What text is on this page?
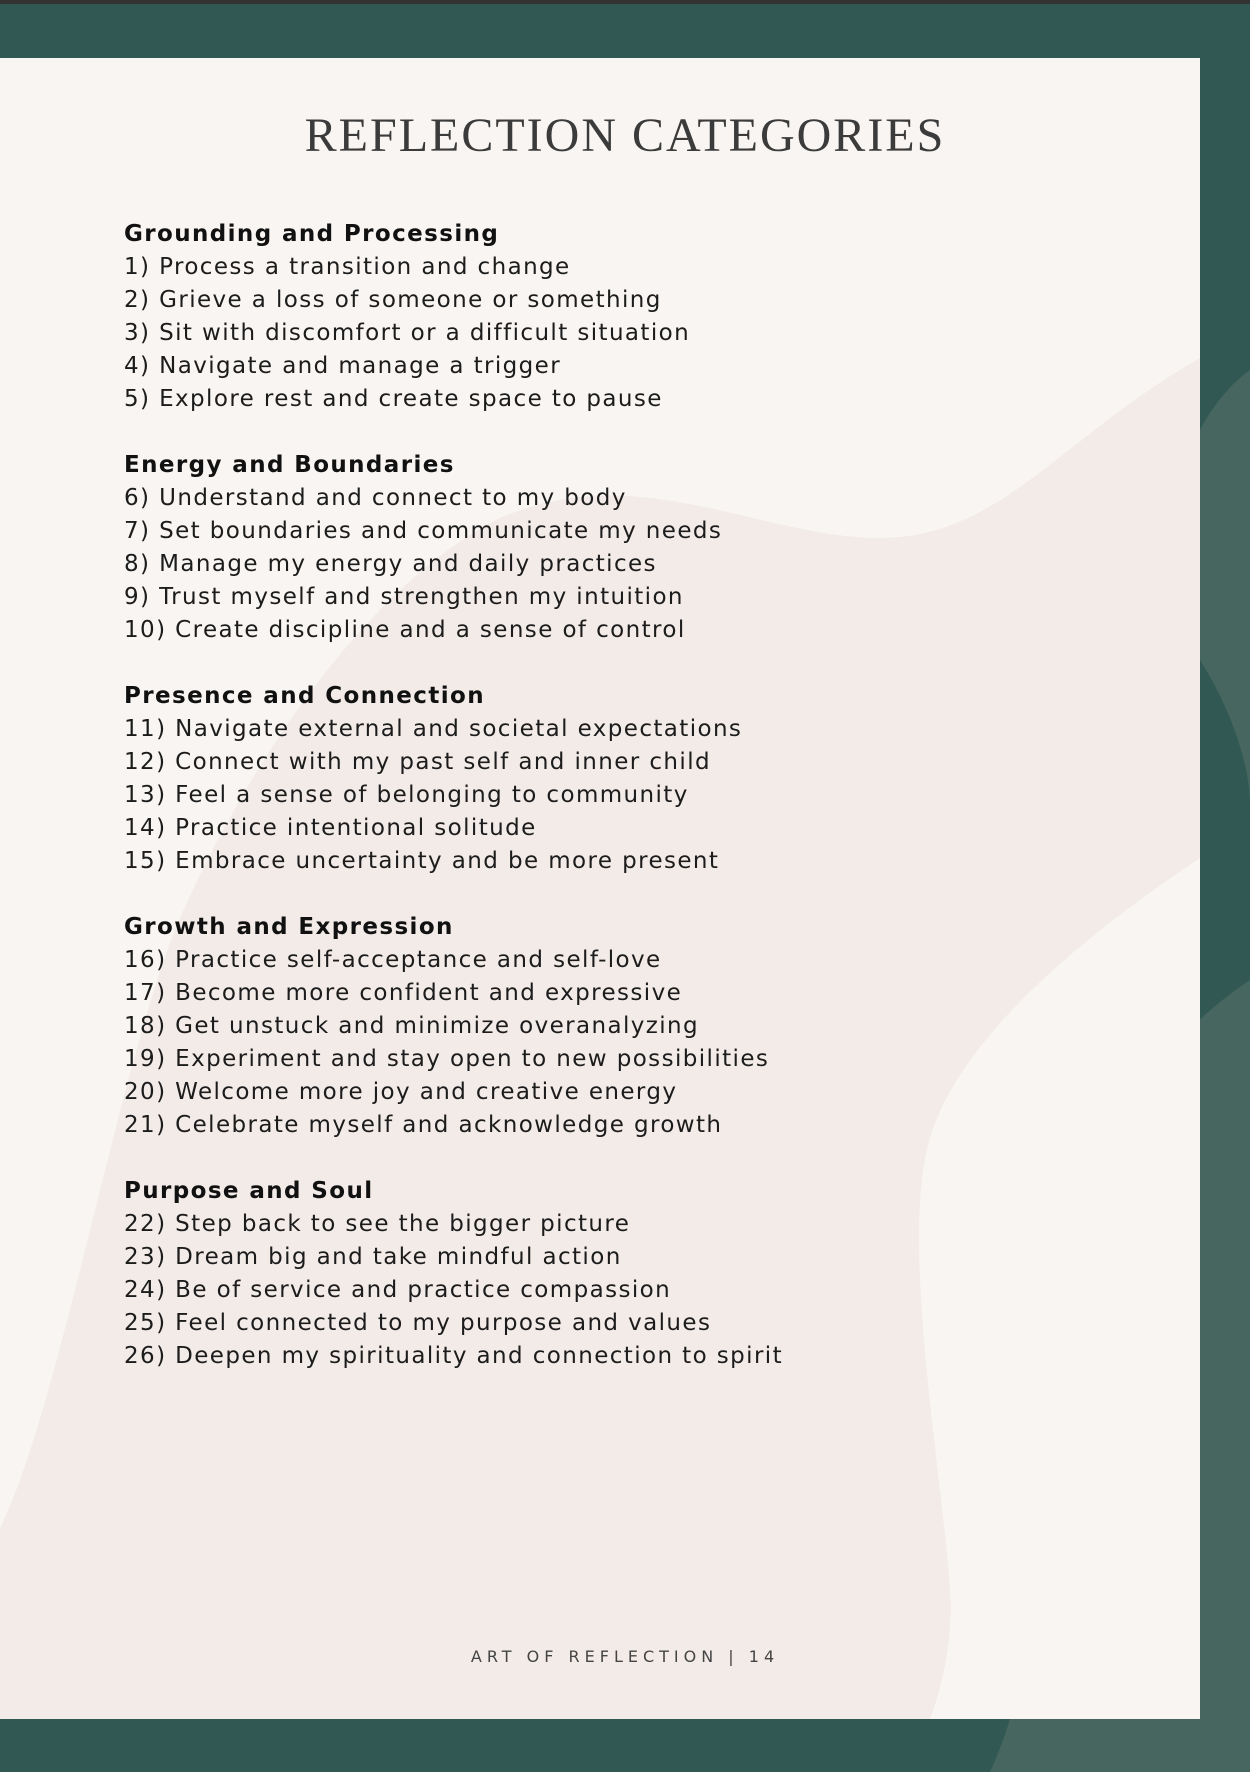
REFLECTION CATEGORIES

Grounding and Processing

1) Process a transition and change

2) Grieve a loss of someone or something

3) Sit with discomfort or a difficult situation

4) Navigate and manage a trigger

5) Explore rest and create space to pause

Energy and Boundaries

6) Understand and connect to my body

7) Set boundaries and communicate my needs

8) Manage my energy and daily practices

9) Trust myself and strengthen my intuition

10) Create discipline and a sense of control

Presence and Connection

11) Navigate external and societal expectations

12) Connect with my past self and inner child

13) Feel a sense of belonging to community

14) Practice intentional solitude

15) Embrace uncertainty and be more present

Growth and Expression

16) Practice self-acceptance and self-love

17) Become more confident and expressive

18) Get unstuck and minimize overanalyzing

19) Experiment and stay open to new possibilities

20) Welcome more joy and creative energy

21) Celebrate myself and acknowledge growth

Purpose and Soul

22) Step back to see the bigger picture

23) Dream big and take mindful action

24) Be of service and practice compassion

25) Feel connected to my purpose and values

26) Deepen my spirituality and connection to spirit

ART OF REFLECTION | 14
